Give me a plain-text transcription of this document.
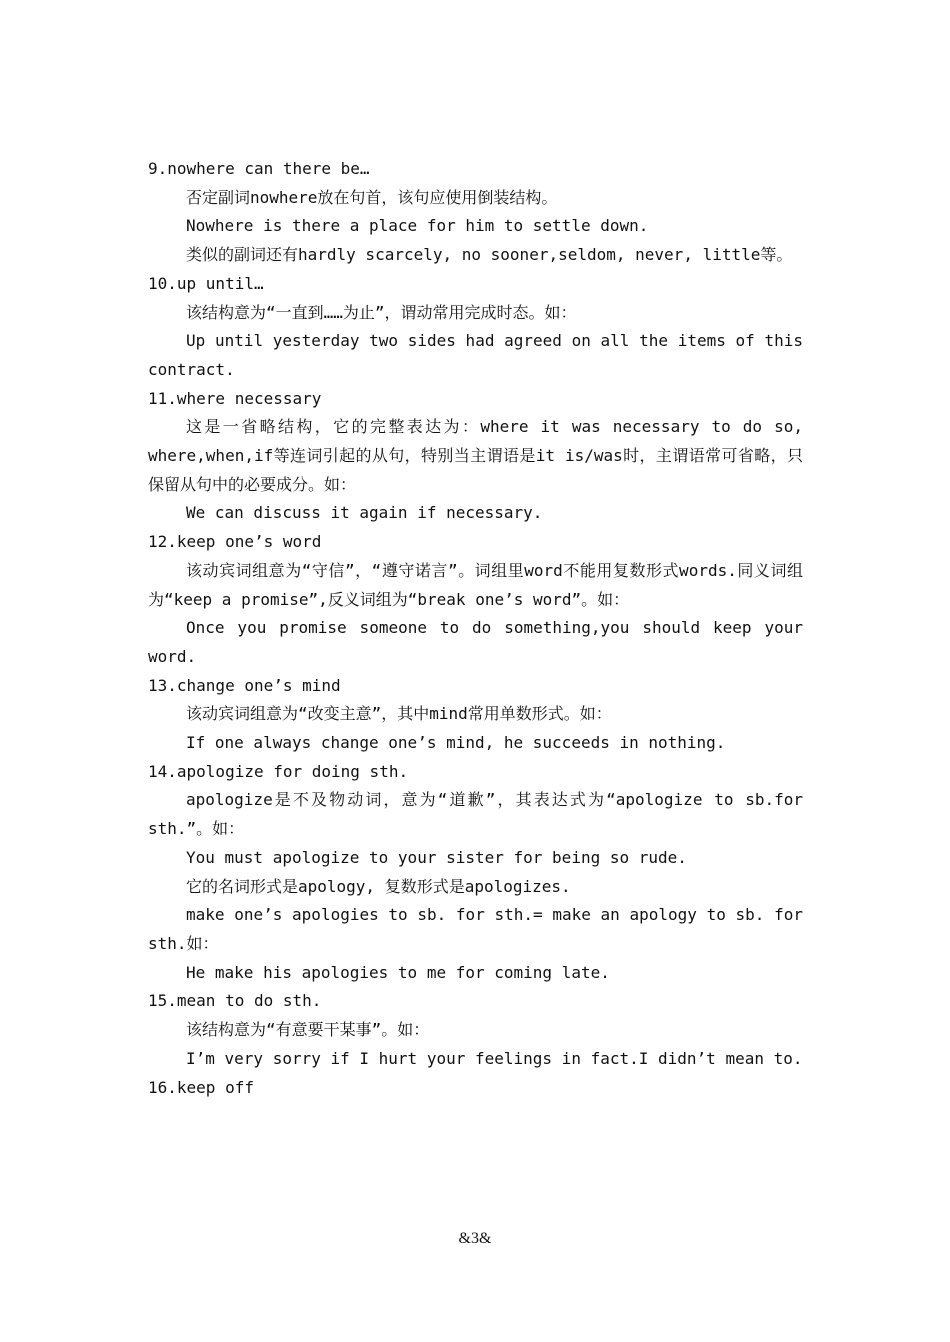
9.nowhere can there be…
否定副词nowhere放在句首，该句应使用倒装结构。
Nowhere is there a place for him to settle down.
类似的副词还有hardly scarcely, no sooner,seldom, never, little等。
10.up until…
该结构意为“一直到……为止”，谓动常用完成时态。如：
Up until yesterday two sides had agreed on all the items of this contract.
11.where necessary
这是一省略结构，它的完整表达为：where it was necessary to do so, where,when,if等连词引起的从句，特别当主谓语是it is/was时，主谓语常可省略，只保留从句中的必要成分。如：
We can discuss it again if necessary.
12.keep one’s word
该动宾词组意为“守信”，“遵守诺言”。词组里word不能用复数形式words.同义词组为“keep a promise”,反义词组为“break one’s word”。如：
Once you promise someone to do something,you should keep your word.
13.change one’s mind
该动宾词组意为“改变主意”，其中mind常用单数形式。如：
If one always change one’s mind, he succeeds in nothing.
14.apologize for doing sth.
apologize是不及物动词，意为“道歉”，其表达式为“apologize to sb.for sth.”。如：
You must apologize to your sister for being so rude.
它的名词形式是apology, 复数形式是apologizes.
make one’s apologies to sb. for sth.= make an apology to sb. for sth.如：
He make his apologies to me for coming late.
15.mean to do sth.
该结构意为“有意要干某事”。如：
I’m very sorry if I hurt your feelings in fact.I didn’t mean to.
16.keep off
&3&
